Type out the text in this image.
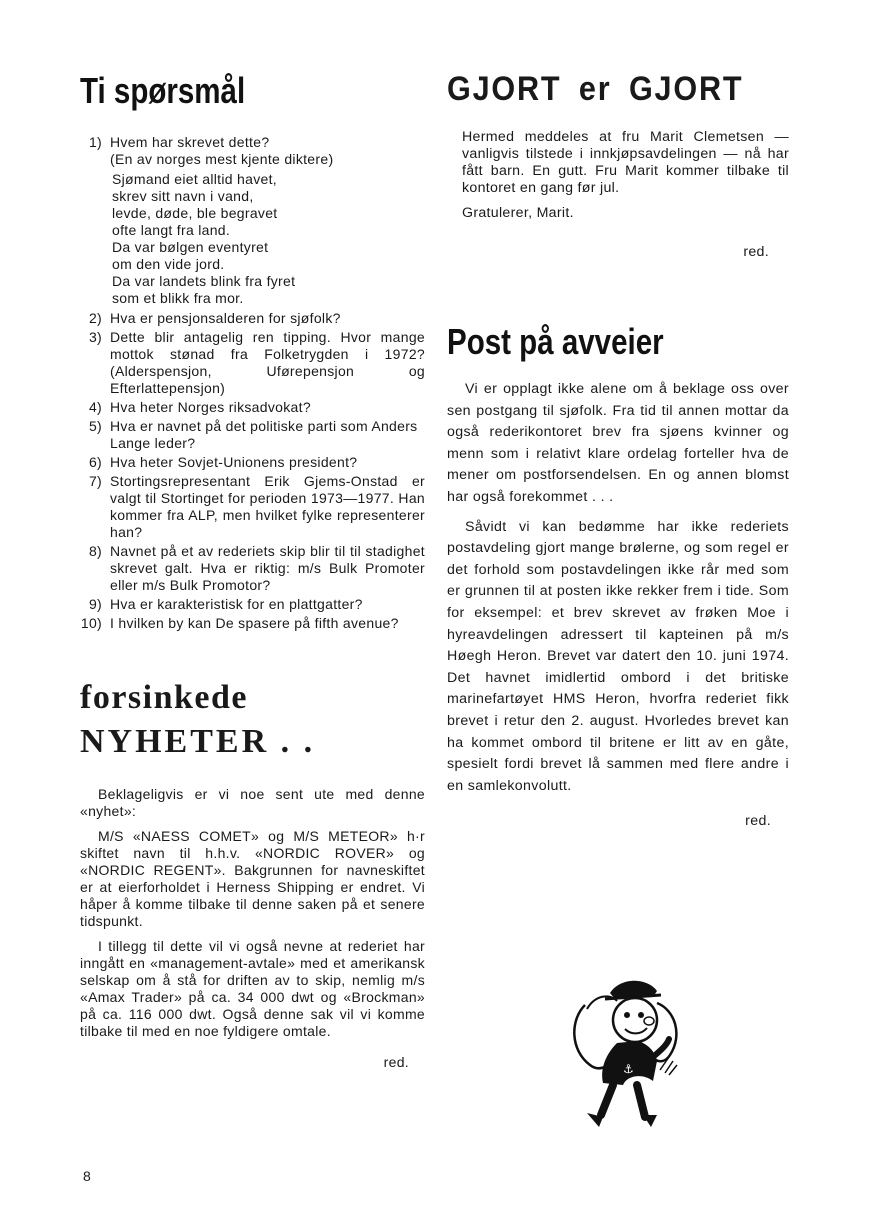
Ti spørsmål
1) Hvem har skrevet dette?
(En av norges mest kjente diktere)
Sjømand eiet alltid havet,
skrev sitt navn i vand,
levde, døde, ble begravet
ofte langt fra land.
Da var bølgen eventyret
om den vide jord.
Da var landets blink fra fyret
som et blikk fra mor.
2) Hva er pensjonsalderen for sjøfolk?
3) Dette blir antagelig ren tipping. Hvor mange mottok stønad fra Folketrygden i 1972? (Alderspensjon, Uførepensjon og Efterlattepensjon)
4) Hva heter Norges riksadvokat?
5) Hva er navnet på det politiske parti som Anders Lange leder?
6) Hva heter Sovjet-Unionens president?
7) Stortingsrepresentant Erik Gjems-Onstad er valgt til Stortinget for perioden 1973—1977. Han kommer fra ALP, men hvilket fylke representerer han?
8) Navnet på et av rederiets skip blir til til stadighet skrevet galt. Hva er riktig: m/s Bulk Promoter eller m/s Bulk Promotor?
9) Hva er karakteristisk for en plattgatter?
10) I hvilken by kan De spasere på fifth avenue?
forsinkede
NYHETER . .

Beklageligvis er vi noe sent ute med denne «nyhet»:

M/S «NAESS COMET» og M/S METEOR» h·r skiftet navn til h.h.v. «NORDIC ROVER» og «NORDIC REGENT». Bakgrunnen for navneskiftet er at eierforholdet i Herness Shipping er endret. Vi håper å komme tilbake til denne saken på et senere tidspunkt.

I tillegg til dette vil vi også nevne at rederiet har inngått en «management-avtale» med et amerikansk selskap om å stå for driften av to skip, nemlig m/s «Amax Trader» på ca. 34 000 dwt og «Brockman» på ca. 116 000 dwt. Også denne sak vil vi komme tilbake til med en noe fyldigere omtale.

red.
GJORT er GJORT

Hermed meddeles at fru Marit Clemetsen — vanligvis tilstede i innkjøpsavdelingen — nå har fått barn. En gutt. Fru Marit kommer tilbake til kontoret en gang før jul.

Gratulerer, Marit.

red.
Post på avveier

Vi er opplagt ikke alene om å beklage oss over sen postgang til sjøfolk. Fra tid til annen mottar da også rederikontoret brev fra sjøens kvinner og menn som i relativt klare ordelag forteller hva de mener om postforsendelsen. En og annen blomst har også forekommet . . .

Såvidt vi kan bedømme har ikke rederiets postavdeling gjort mange brølerne, og som regel er det forhold som postavdelingen ikke rår med som er grunnen til at posten ikke rekker frem i tide. Som for eksempel: et brev skrevet av frøken Moe i hyreavdelingen adressert til kapteinen på m/s Høegh Heron. Brevet var datert den 10. juni 1974. Det havnet imidlertid ombord i det britiske marinefartøyet HMS Heron, hvorfra rederiet fikk brevet i retur den 2. august. Hvorledes brevet kan ha kommet ombord til britene er litt av en gåte, spesielt fordi brevet lå sammen med flere andre i en samlekonvolutt.

red.
⚓
8
